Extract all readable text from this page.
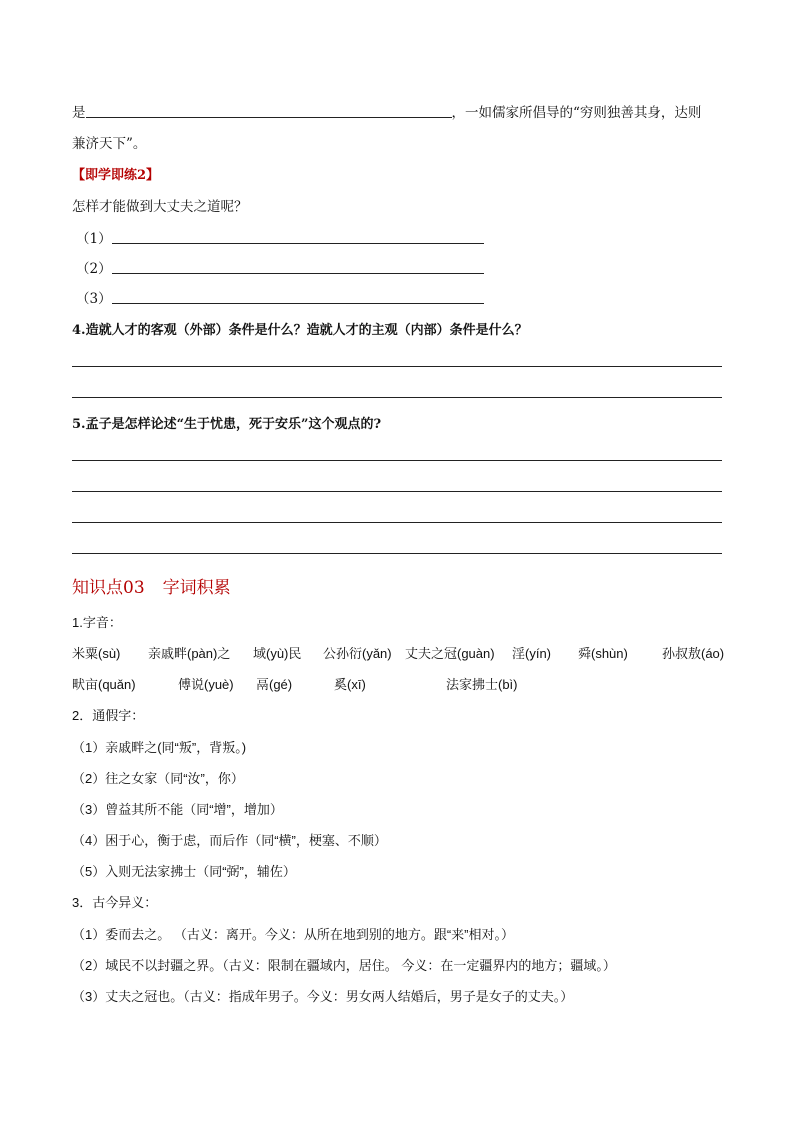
是	，一如儒家所倡导的“穷则独善其身，达则
兼济天下”。
【即学即练2】
怎样才能做到大丈夫之道呢？
（1）
（2）
（3）
4.造就人才的客观（外部）条件是什么？造就人才的主观（内部）条件是什么？
5.孟子是怎样论述“生于忧患，死于安乐”这个观点的?
知识点03 字词积累
1.字音：
米粟(sù) 亲戚畔(pàn)之 域(yù)民 公孙衍(yǎn) 丈夫之冠(guàn) 淫(yín) 舜(shùn)	孙叔敖(áo)
畎亩(quǎn)	傅说(yuè) 鬲(gé)	奚(xī)	法家拂士(bì)
2．通假字：
（1）亲戚畔之(同“叛”，背叛。)
（2）往之女家（同“汝”，你）
（3）曾益其所不能（同“增”，增加）
（4）困于心，衡于虑，而后作（同“横”，梗塞、不顺）
（5）入则无法家拂士（同“弼”，辅佐）
3．古今异义：
（1）委而去之。 （古义：离开。今义：从所在地到别的地方。跟“来”相对。）
（2）域民不以封疆之界。（古义：限制在疆域内，居住。 今义：在一定疆界内的地方；疆域。）
（3）丈夫之冠也。（古义：指成年男子。今义：男女两人结婚后，男子是女子的丈夫。）
